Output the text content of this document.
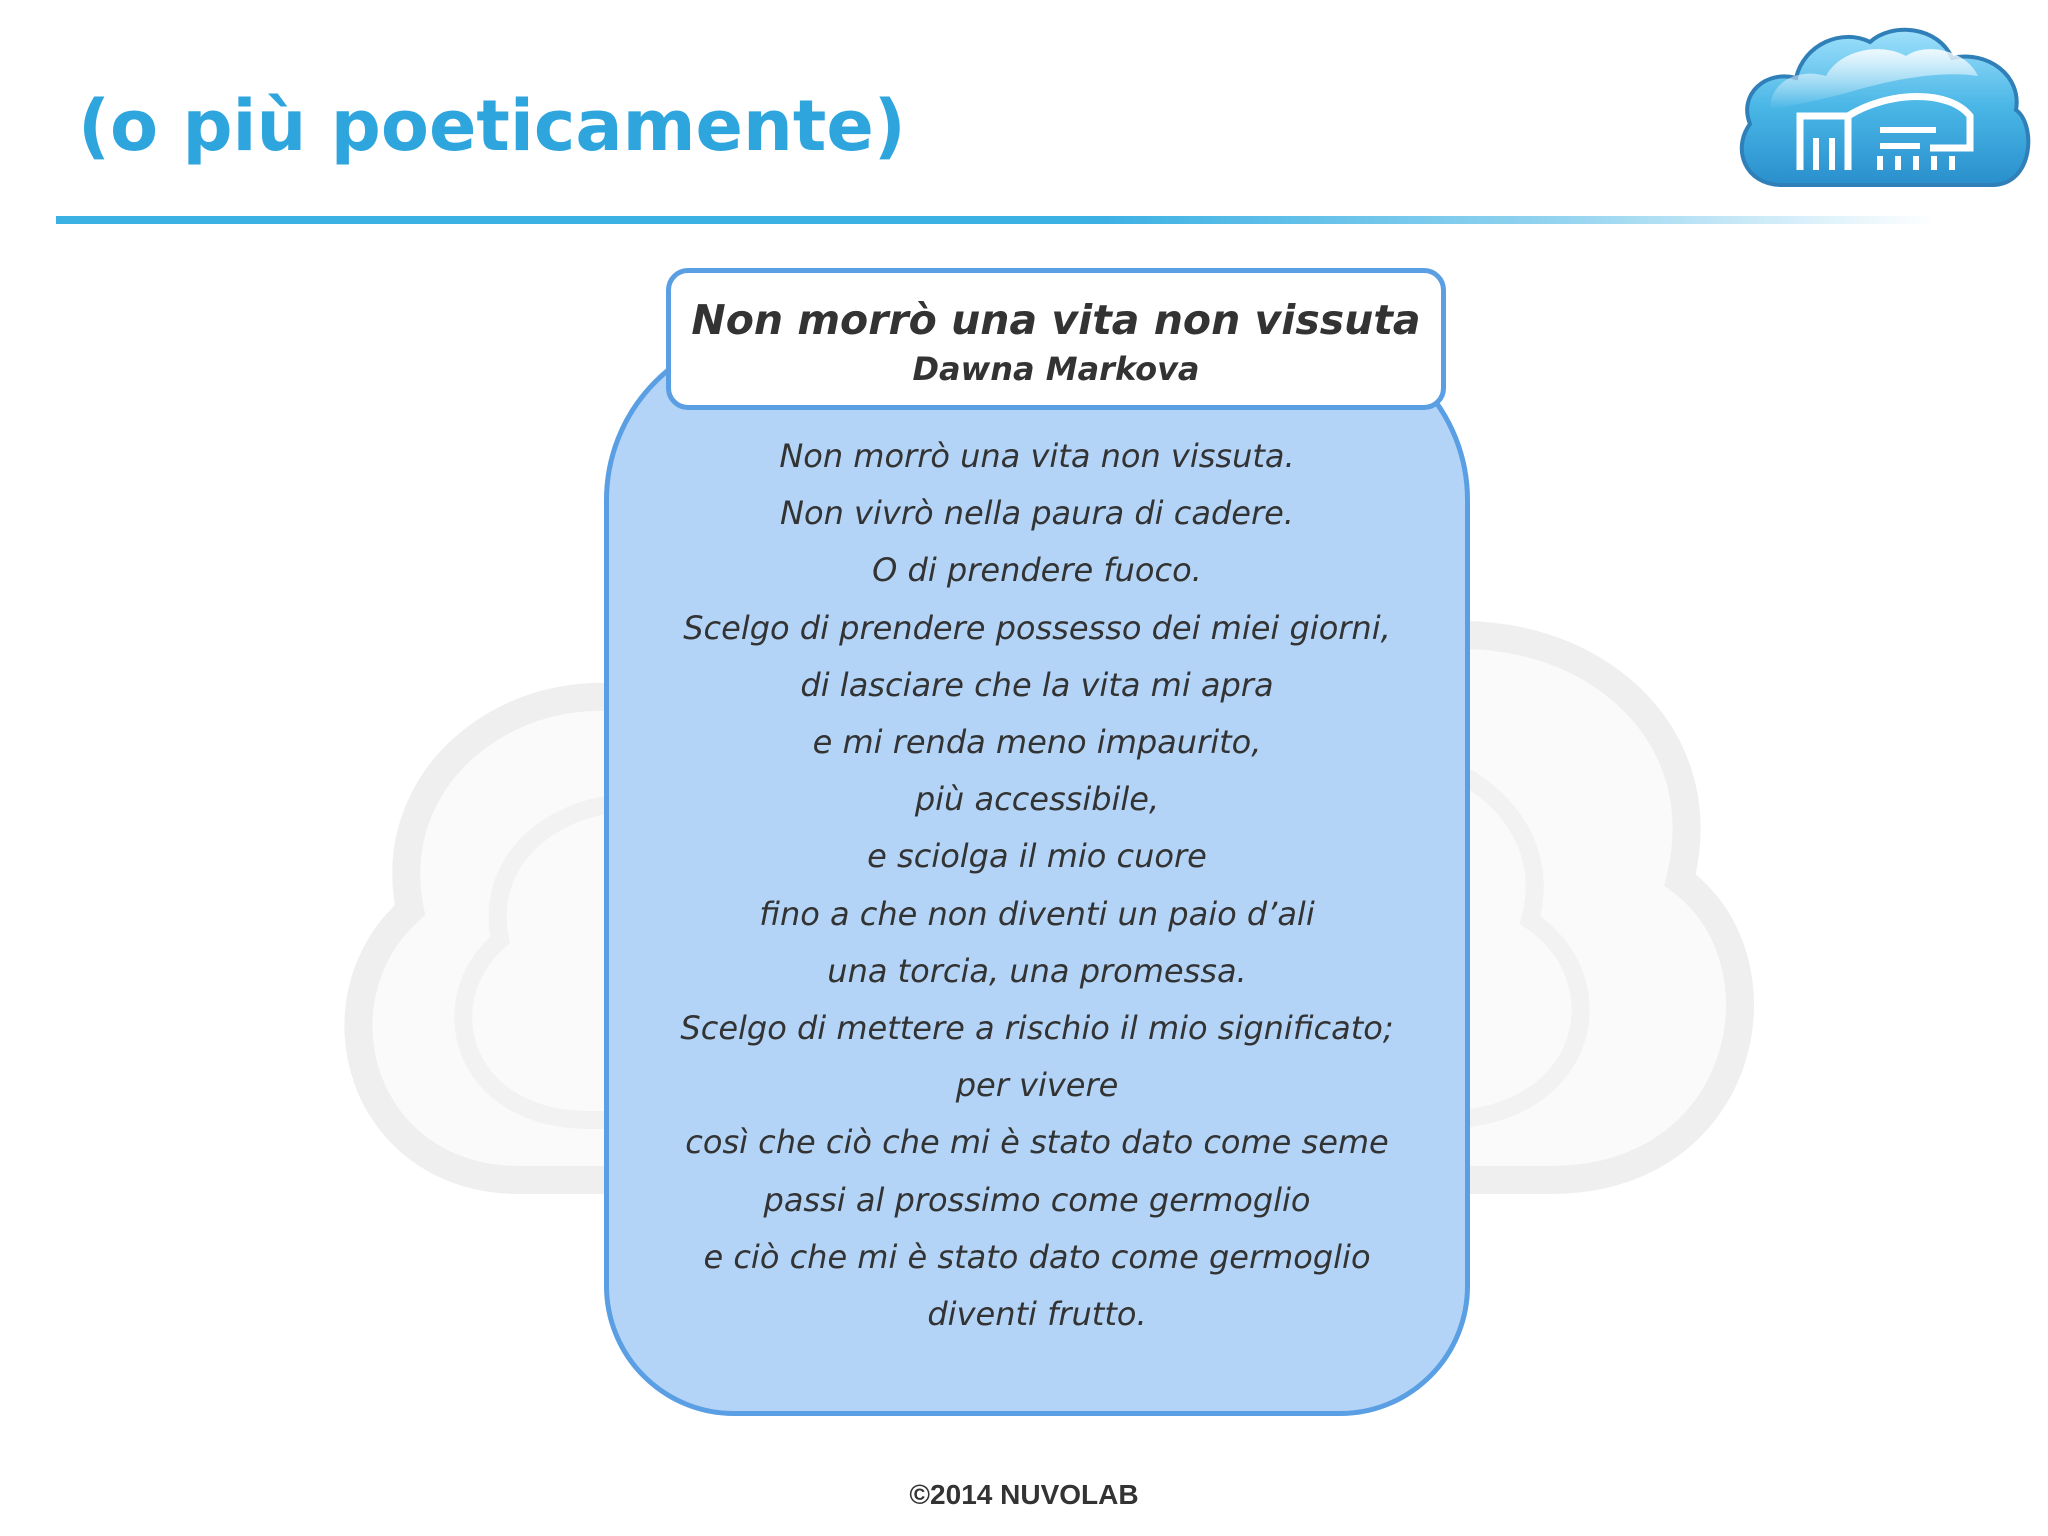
(o più poeticamente)
Non morrò una vita non vissuta
Dawna Markova
Non morrò una vita non vissuta.
Non vivrò nella paura di cadere.
O di prendere fuoco.
Scelgo di prendere possesso dei miei giorni,
di lasciare che la vita mi apra
e mi renda meno impaurito,
più accessibile,
e sciolga il mio cuore
fino a che non diventi un paio d’ali
una torcia, una promessa.
Scelgo di mettere a rischio il mio significato;
per vivere
così che ciò che mi è stato dato come seme
passi al prossimo come germoglio
e ciò che mi è stato dato come germoglio
diventi frutto.
©2014 NUVOLAB
